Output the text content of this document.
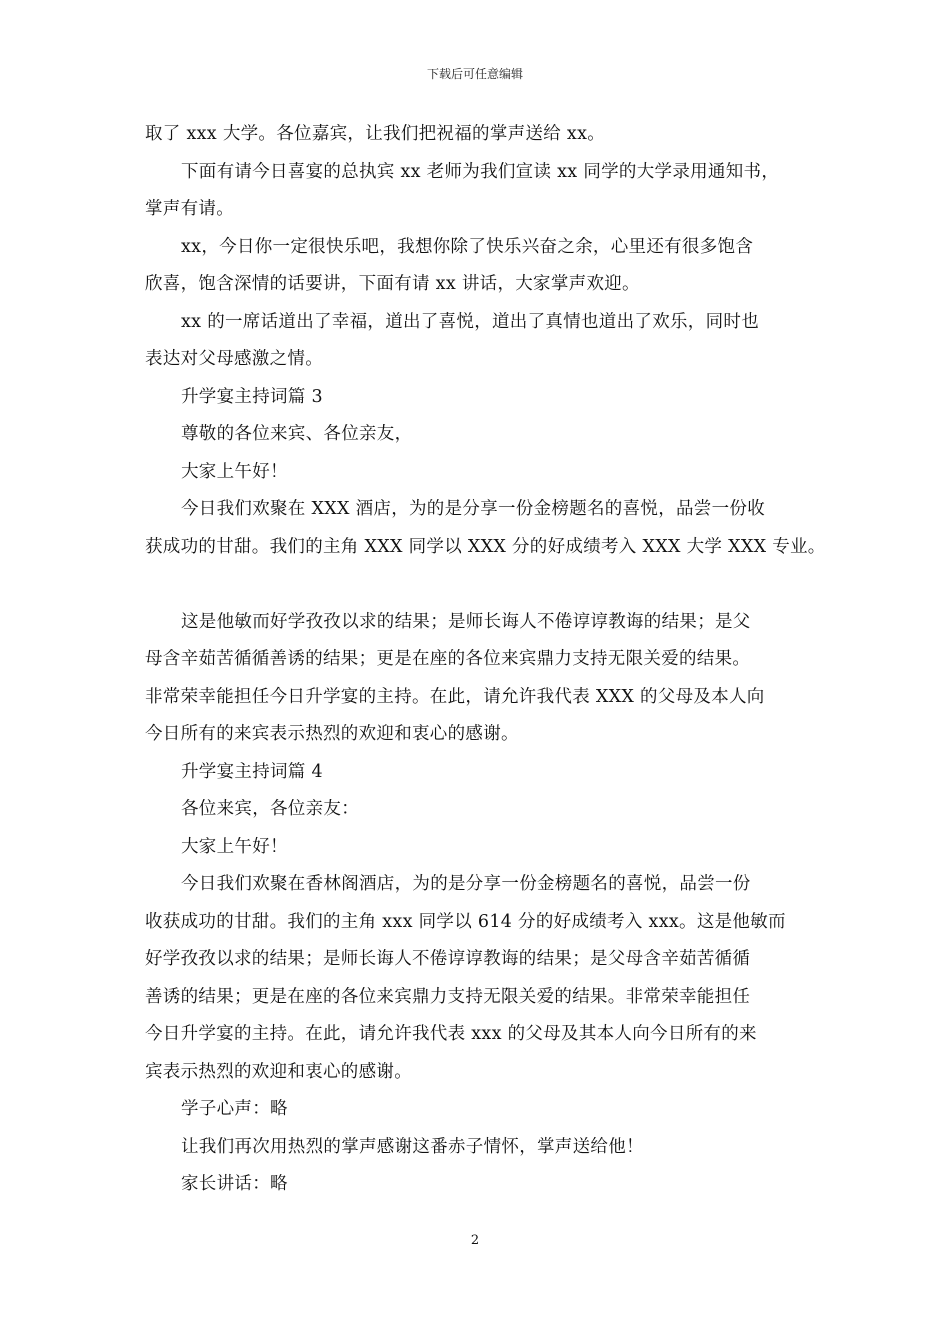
下载后可任意编辑
取了 xxx 大学。各位嘉宾，让我们把祝福的掌声送给 xx。
下面有请今日喜宴的总执宾 xx 老师为我们宣读 xx 同学的大学录用通知书，
掌声有请。
xx，今日你一定很快乐吧，我想你除了快乐兴奋之余，心里还有很多饱含
欣喜，饱含深情的话要讲，下面有请 xx 讲话，大家掌声欢迎。
xx 的一席话道出了幸福，道出了喜悦，道出了真情也道出了欢乐，同时也
表达对父母感激之情。
升学宴主持词篇 3
尊敬的各位来宾、各位亲友，
大家上午好！
今日我们欢聚在 XXX 酒店，为的是分享一份金榜题名的喜悦，品尝一份收
获成功的甘甜。我们的主角 XXX 同学以 XXX 分的好成绩考入 XXX 大学 XXX 专业。
这是他敏而好学孜孜以求的结果；是师长诲人不倦谆谆教诲的结果；是父
母含辛茹苦循循善诱的结果；更是在座的各位来宾鼎力支持无限关爱的结果。
非常荣幸能担任今日升学宴的主持。在此，请允许我代表 XXX 的父母及本人向
今日所有的来宾表示热烈的欢迎和衷心的感谢。
升学宴主持词篇 4
各位来宾，各位亲友：
大家上午好！
今日我们欢聚在香林阁酒店，为的是分享一份金榜题名的喜悦，品尝一份
收获成功的甘甜。我们的主角 xxx 同学以 614 分的好成绩考入 xxx。这是他敏而
好学孜孜以求的结果；是师长诲人不倦谆谆教诲的结果；是父母含辛茹苦循循
善诱的结果；更是在座的各位来宾鼎力支持无限关爱的结果。非常荣幸能担任
今日升学宴的主持。在此，请允许我代表 xxx 的父母及其本人向今日所有的来
宾表示热烈的欢迎和衷心的感谢。
学子心声：略
让我们再次用热烈的掌声感谢这番赤子情怀，掌声送给他！
家长讲话：略
2
